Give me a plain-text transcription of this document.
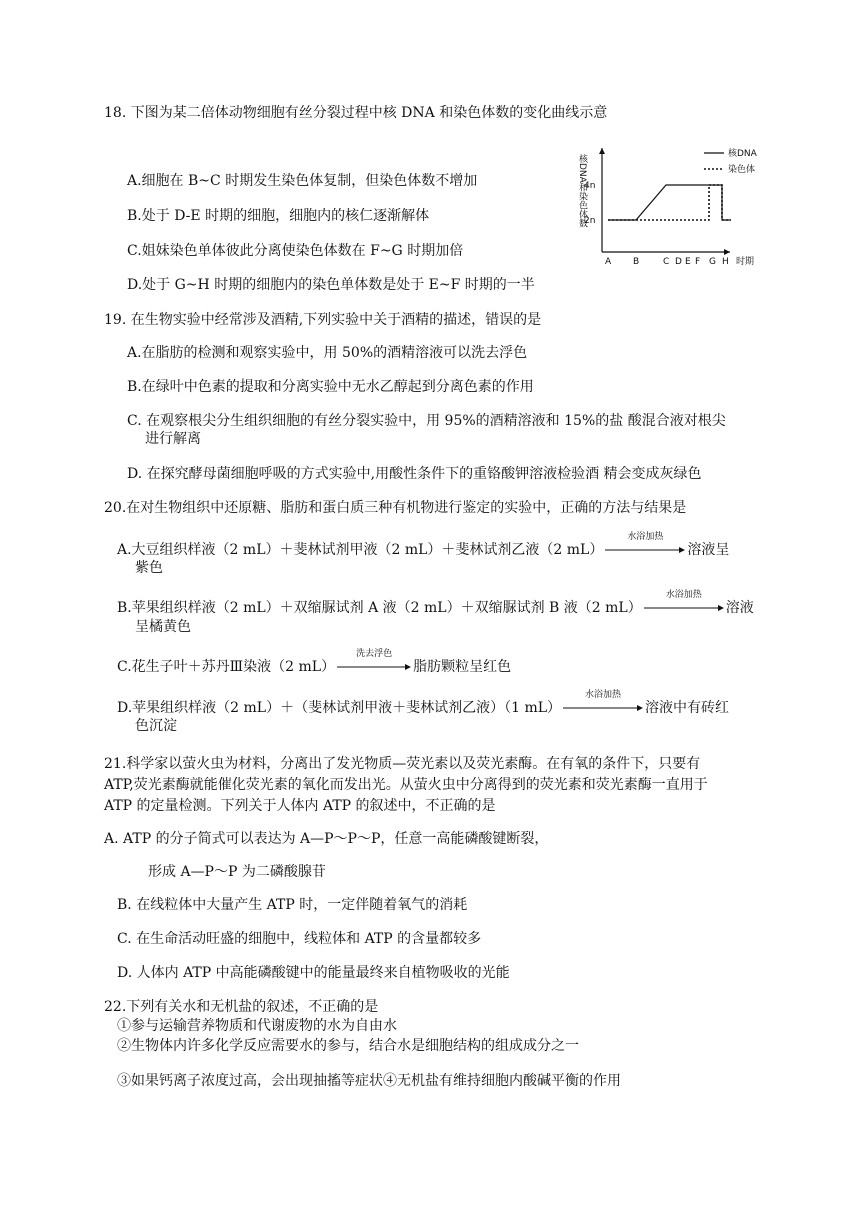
18. 下图为某二倍体动物细胞有丝分裂过程中核 DNA 和染色体数的变化曲线示意
A.细胞在 B~C 时期发生染色体复制，但染色体数不增加
B.处于 D-E 时期的细胞，细胞内的核仁逐渐解体
C.姐妹染色单体彼此分离使染色体数在 F~G 时期加倍
D.处于 G~H 时期的细胞内的染色单体数是处于 E~F 时期的一半
核DNA和染色体数
2n
4n
A B	C D E F G H 时期
核DNA
染色体
19. 在生物实验中经常涉及酒精,下列实验中关于酒精的描述，错误的是
A.在脂肪的检测和观察实验中，用 50%的酒精溶液可以洗去浮色
B.在绿叶中色素的提取和分离实验中无水乙醇起到分离色素的作用
C. 在观察根尖分生组织细胞的有丝分裂实验中，用 95%的酒精溶液和 15%的盐 酸混合液对根尖
进行解离
D. 在探究酵母菌细胞呼吸的方式实验中,用酸性条件下的重铬酸钾溶液检验酒 精会变成灰绿色
20.在对生物组织中还原糖、脂肪和蛋白质三种有机物进行鉴定的实验中，正确的方法与结果是
A.大豆组织样液（2 mL）＋斐林试剂甲液（2 mL）＋斐林试剂乙液（2 mL）
水浴加热
溶液呈
紫色
B.苹果组织样液（2 mL）＋双缩脲试剂 A 液（2 mL）＋双缩脲试剂 B 液（2 mL）
水浴加热
溶液
呈橘黄色
C.花生子叶＋苏丹Ⅲ染液（2 mL）
洗去浮色
脂肪颗粒呈红色
D.苹果组织样液（2 mL）＋（斐林试剂甲液＋斐林试剂乙液）（1 mL）
水浴加热
溶液中有砖红
色沉淀
21.科学家以萤火虫为材料，分离出了发光物质—荧光素以及荧光素酶。在有氧的条件下，只要有
ATP,荧光素酶就能催化荧光素的氧化而发出光。从萤火虫中分离得到的荧光素和荧光素酶一直用于
ATP 的定量检测。下列关于人体内 ATP 的叙述中，不正确的是
A. ATP 的分子简式可以表达为 A—P～P～P，任意一高能磷酸键断裂，
形成 A—P～P 为二磷酸腺苷
B. 在线粒体中大量产生 ATP 时，一定伴随着氧气的消耗
C. 在生命活动旺盛的细胞中，线粒体和 ATP 的含量都较多
D. 人体内 ATP 中高能磷酸键中的能量最终来自植物吸收的光能
22.下列有关水和无机盐的叙述，不正确的是
①参与运输营养物质和代谢废物的水为自由水
②生物体内许多化学反应需要水的参与，结合水是细胞结构的组成成分之一
③如果钙离子浓度过高，会出现抽搐等症状④无机盐有维持细胞内酸碱平衡的作用
